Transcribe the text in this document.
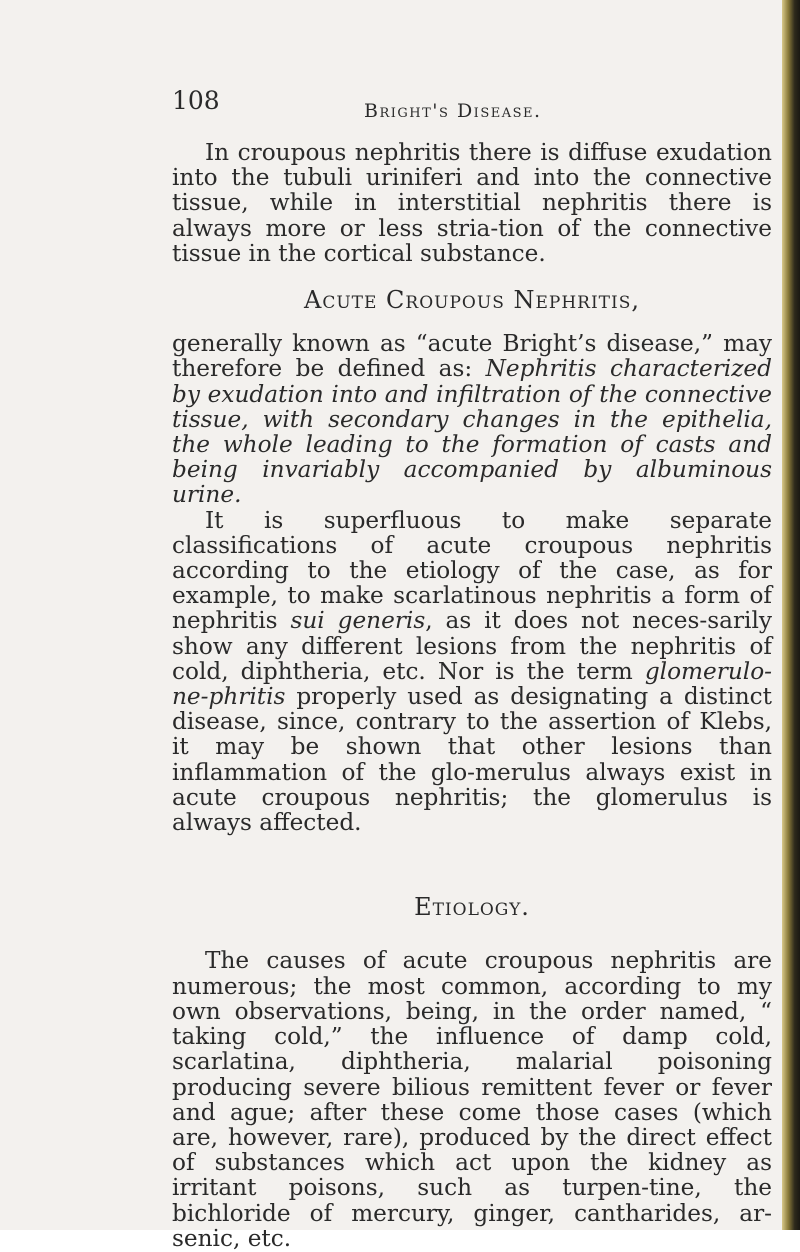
108	Bright's Disease.

In croupous nephritis there is diffuse exudation into the tubuli uriniferi and into the connective tissue, while in interstitial nephritis there is always more or less stria-tion of the connective tissue in the cortical substance.

Acute Croupous Nephritis,

generally known as “acute Bright’s disease,” may therefore be defined as: Nephritis characterized by exudation into and infiltration of the connective tissue, with secondary changes in the epithelia, the whole leading to the formation of casts and being invariably accompanied by albuminous urine.

It is superfluous to make separate classifications of acute croupous nephritis according to the etiology of the case, as for example, to make scarlatinous nephritis a form of nephritis sui generis, as it does not neces-sarily show any different lesions from the nephritis of cold, diphtheria, etc. Nor is the term glomerulo-ne-phritis properly used as designating a distinct disease, since, contrary to the assertion of Klebs, it may be shown that other lesions than inflammation of the glo-merulus always exist in acute croupous nephritis; the glomerulus is always affected.

Etiology.

The causes of acute croupous nephritis are numerous; the most common, according to my own observations, being, in the order named, “ taking cold,” the influence of damp cold, scarlatina, diphtheria, malarial poisoning producing severe bilious remittent fever or fever and ague; after these come those cases (which are, however, rare), produced by the direct effect of substances which act upon the kidney as irritant poisons, such as turpen-tine, the bichloride of mercury, ginger, cantharides, ar-senic, etc.
